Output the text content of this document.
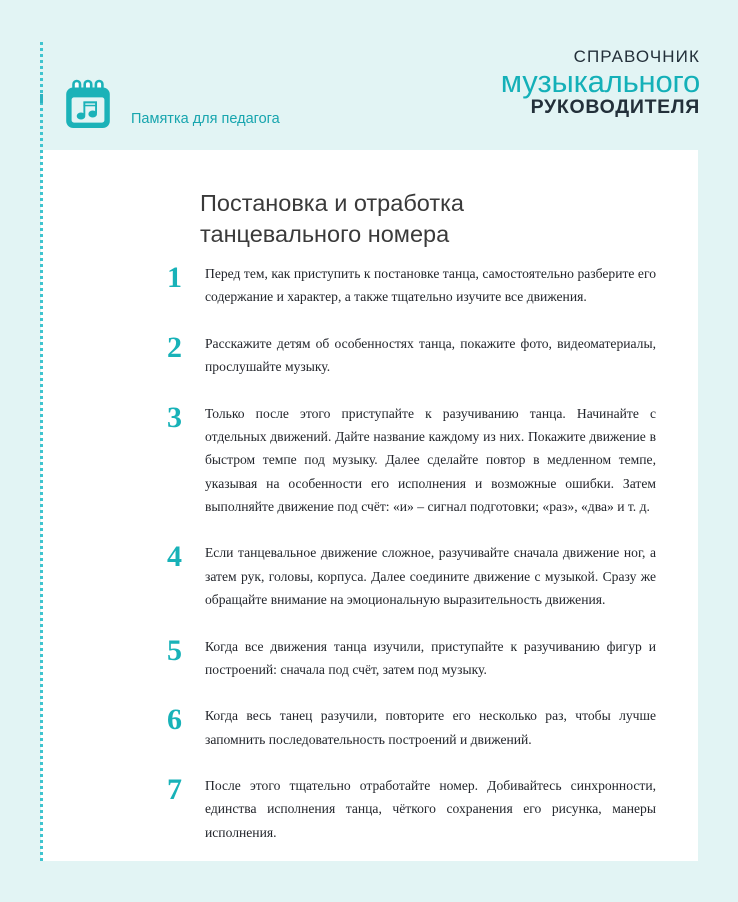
Памятка для педагога
СПРАВОЧНИК
музыкального
РУКОВОДИТЕЛЯ
Постановка и отработка танцевального номера
1	Перед тем, как приступить к постановке танца, самостоятельно разберите его содержание и характер, а также тщательно изучите все движения.
2	Расскажите детям об особенностях танца, покажите фото, видеоматериалы, прослушайте музыку.
3	Только после этого приступайте к разучиванию танца. Начинайте с отдельных движений. Дайте название каждому из них. Покажите движение в быстром темпе под музыку. Далее сделайте повтор в медленном темпе, указывая на особенности его исполнения и возможные ошибки. Затем выполняйте движение под счёт: «и» – сигнал подготовки; «раз», «два» и т. д.
4	Если танцевальное движение сложное, разучивайте сначала движение ног, а затем рук, головы, корпуса. Далее соедините движение с музыкой. Сразу же обращайте внимание на эмоциональную выразительность движения.
5	Когда все движения танца изучили, приступайте к разучиванию фигур и построений: сначала под счёт, затем под музыку.
6	Когда весь танец разучили, повторите его несколько раз, чтобы лучше запомнить последовательность построений и движений.
7	После этого тщательно отработайте номер. Добивайтесь синхронности, единства исполнения танца, чёткого сохранения его рисунка, манеры исполнения.
